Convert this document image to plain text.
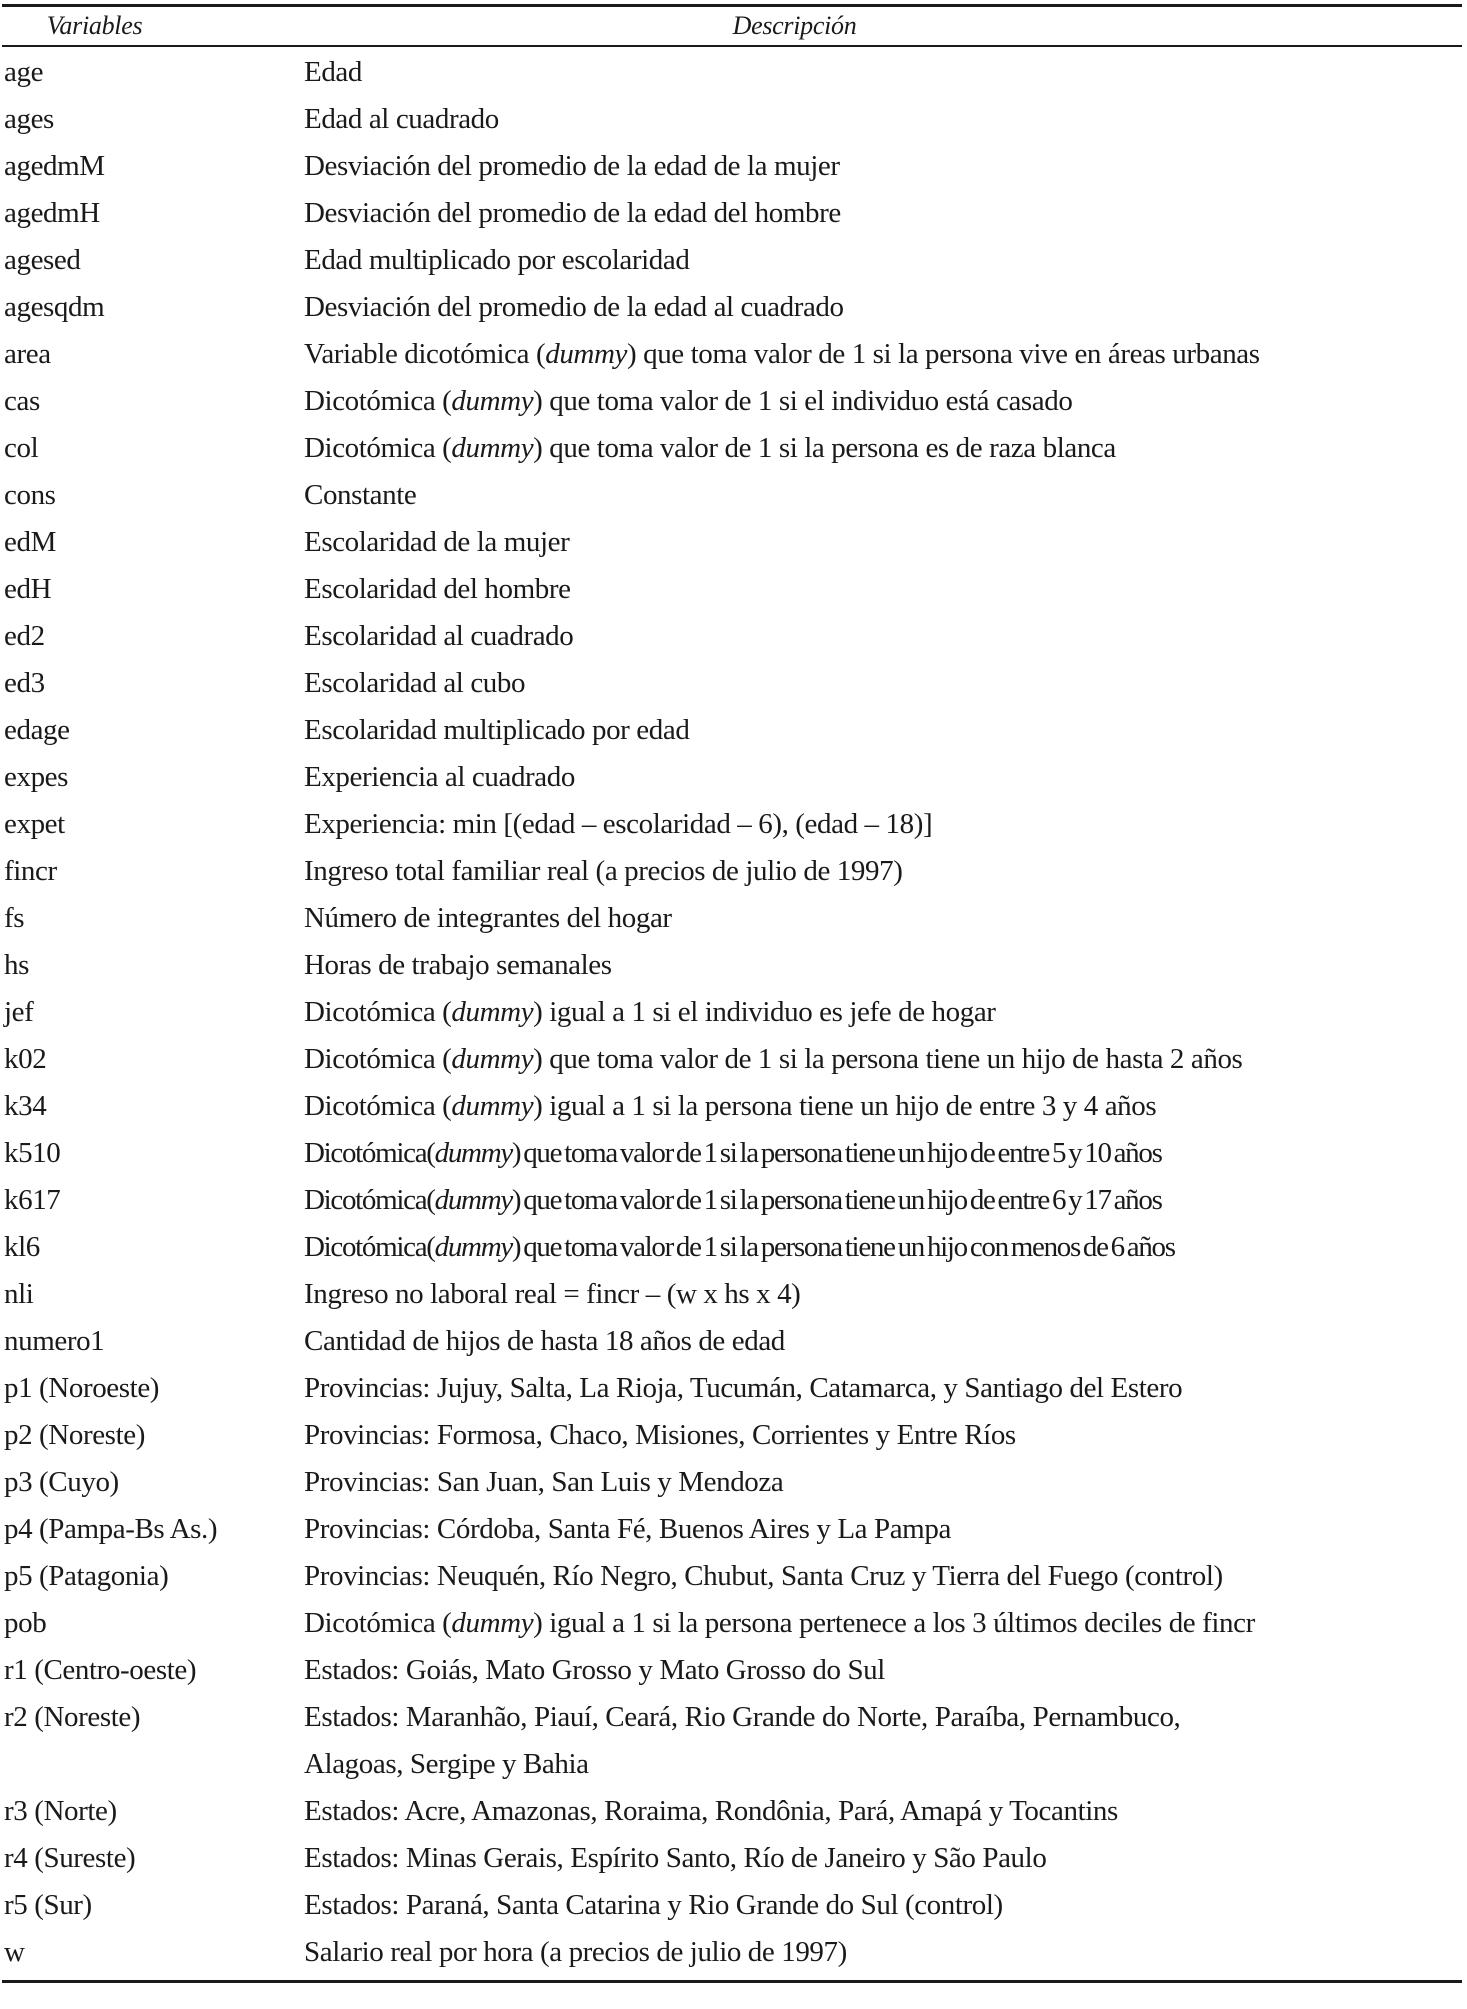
Variables	Descripción
age	Edad
ages	Edad al cuadrado
agedmM	Desviación del promedio de la edad de la mujer
agedmH	Desviación del promedio de la edad del hombre
agesed	Edad multiplicado por escolaridad
agesqdm	Desviación del promedio de la edad al cuadrado
area	Variable dicotómica (dummy) que toma valor de 1 si la persona vive en áreas urbanas
cas	Dicotómica (dummy) que toma valor de 1 si el individuo está casado
col	Dicotómica (dummy) que toma valor de 1 si la persona es de raza blanca
cons	Constante
edM	Escolaridad de la mujer
edH	Escolaridad del hombre
ed2	Escolaridad al cuadrado
ed3	Escolaridad al cubo
edage	Escolaridad multiplicado por edad
expes	Experiencia al cuadrado
expet	Experiencia: min [(edad – escolaridad – 6), (edad – 18)]
fincr	Ingreso total familiar real (a precios de julio de 1997)
fs	Número de integrantes del hogar
hs	Horas de trabajo semanales
jef	Dicotómica (dummy) igual a 1 si el individuo es jefe de hogar
k02	Dicotómica (dummy) que toma valor de 1 si la persona tiene un hijo de hasta 2 años
k34	Dicotómica (dummy) igual a 1 si la persona tiene un hijo de entre 3 y 4 años
k510	Dicotómica(dummy) que toma valor de 1 si la persona tiene un hijo de entre 5 y 10 años
k617	Dicotómica(dummy) que toma valor de 1 si la persona tiene un hijo de entre 6 y 17 años
kl6	Dicotómica(dummy) que toma valor de 1 si la persona tiene un hijo con menos de 6 años
nli	Ingreso no laboral real = fincr – (w x hs x 4)
numero1	Cantidad de hijos de hasta 18 años de edad
p1 (Noroeste)	Provincias: Jujuy, Salta, La Rioja, Tucumán, Catamarca, y Santiago del Estero
p2 (Noreste)	Provincias: Formosa, Chaco, Misiones, Corrientes y Entre Ríos
p3 (Cuyo)	Provincias: San Juan, San Luis y Mendoza
p4 (Pampa-Bs As.)	Provincias: Córdoba, Santa Fé, Buenos Aires y La Pampa
p5 (Patagonia)	Provincias: Neuquén, Río Negro, Chubut, Santa Cruz y Tierra del Fuego (control)
pob	Dicotómica (dummy) igual a 1 si la persona pertenece a los 3 últimos deciles de fincr
r1 (Centro-oeste)	Estados: Goiás, Mato Grosso y Mato Grosso do Sul
r2 (Noreste)	Estados: Maranhão, Piauí, Ceará, Rio Grande do Norte, Paraíba, Pernambuco,
Alagoas, Sergipe y Bahia
r3 (Norte)	Estados: Acre, Amazonas, Roraima, Rondônia, Pará, Amapá y Tocantins
r4 (Sureste)	Estados: Minas Gerais, Espírito Santo, Río de Janeiro y São Paulo
r5 (Sur)	Estados: Paraná, Santa Catarina y Rio Grande do Sul (control)
w	Salario real por hora (a precios de julio de 1997)
